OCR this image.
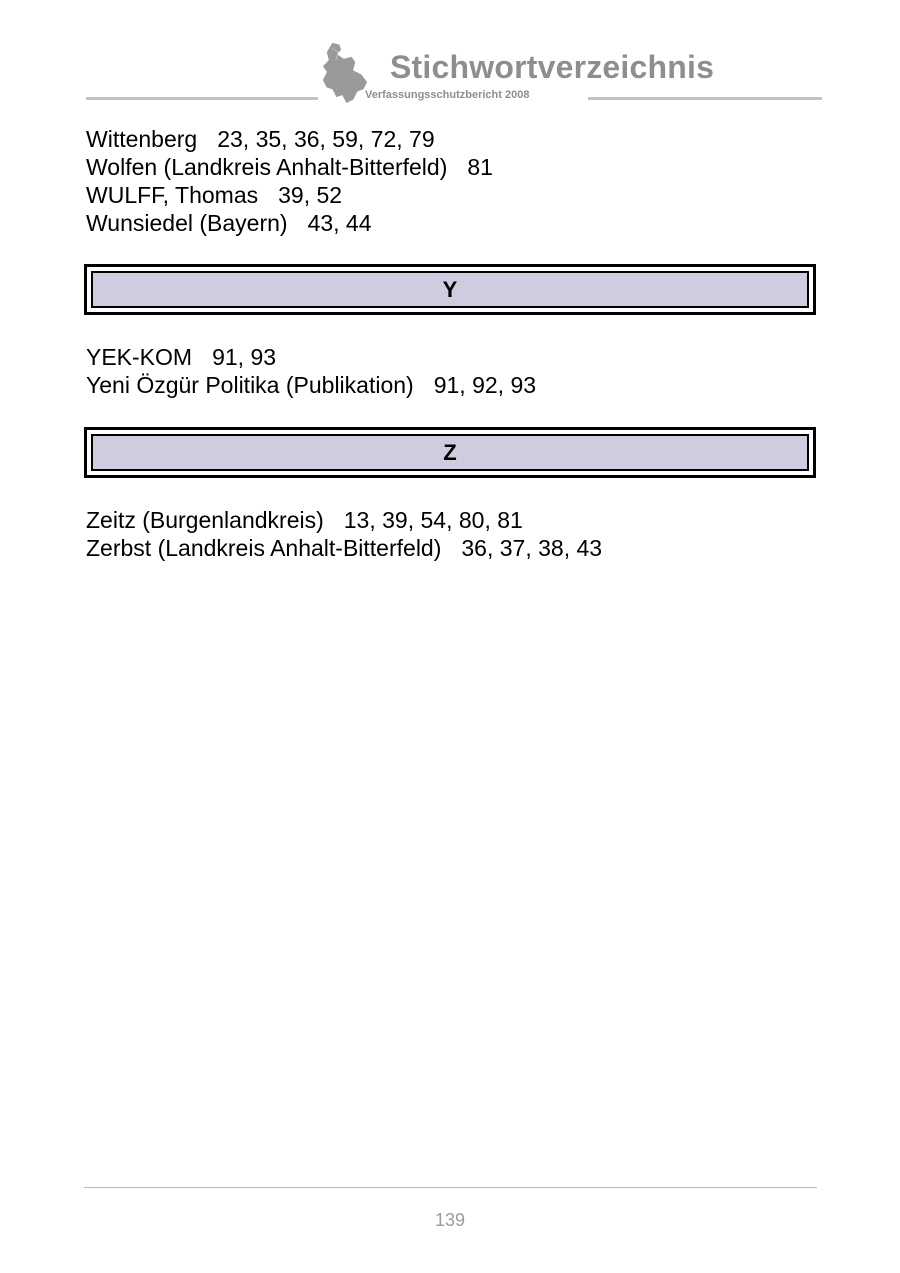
Stichwortverzeichnis
Verfassungsschutzbericht 2008
Wittenberg 23, 35, 36, 59, 72, 79
Wolfen (Landkreis Anhalt-Bitterfeld) 81
WULFF, Thomas 39, 52
Wunsiedel (Bayern) 43, 44
Y
YEK-KOM 91, 93
Yeni Özgür Politika (Publikation) 91, 92, 93
Z
Zeitz (Burgenlandkreis) 13, 39, 54, 80, 81
Zerbst (Landkreis Anhalt-Bitterfeld) 36, 37, 38, 43
139
